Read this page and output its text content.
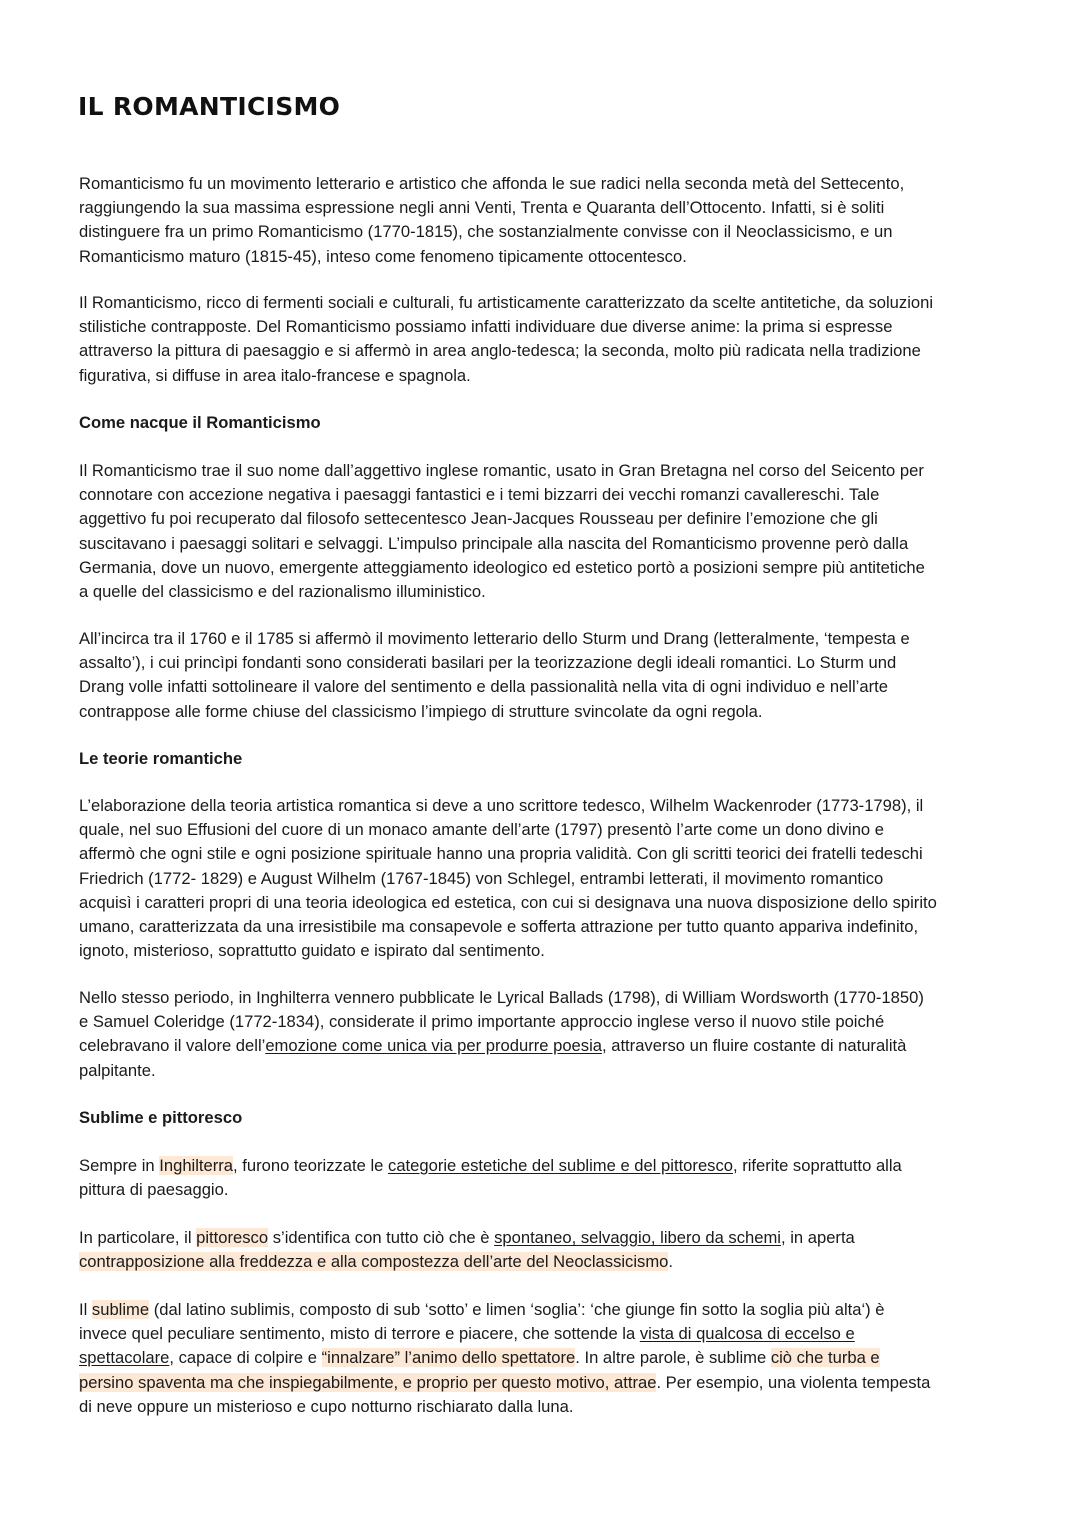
IL ROMANTICISMO

Romanticismo fu un movimento letterario e artistico che affonda le sue radici nella seconda metà del Settecento,
raggiungendo la sua massima espressione negli anni Venti, Trenta e Quaranta dell’Ottocento. Infatti, si è soliti
distinguere fra un primo Romanticismo (1770-1815), che sostanzialmente convisse con il Neoclassicismo, e un
Romanticismo maturo (1815-45), inteso come fenomeno tipicamente ottocentesco.

Il Romanticismo, ricco di fermenti sociali e culturali, fu artisticamente caratterizzato da scelte antitetiche, da soluzioni
stilistiche contrapposte. Del Romanticismo possiamo infatti individuare due diverse anime: la prima si espresse
attraverso la pittura di paesaggio e si affermò in area anglo-tedesca; la seconda, molto più radicata nella tradizione
figurativa, si diffuse in area italo-francese e spagnola.

Come nacque il Romanticismo

Il Romanticismo trae il suo nome dall’aggettivo inglese romantic, usato in Gran Bretagna nel corso del Seicento per
connotare con accezione negativa i paesaggi fantastici e i temi bizzarri dei vecchi romanzi cavallereschi. Tale
aggettivo fu poi recuperato dal filosofo settecentesco Jean-Jacques Rousseau per definire l’emozione che gli
suscitavano i paesaggi solitari e selvaggi. L’impulso principale alla nascita del Romanticismo provenne però dalla
Germania, dove un nuovo, emergente atteggiamento ideologico ed estetico portò a posizioni sempre più antitetiche
a quelle del classicismo e del razionalismo illuministico.

All’incirca tra il 1760 e il 1785 si affermò il movimento letterario dello Sturm und Drang (letteralmente, ‘tempesta e
assalto’), i cui princìpi fondanti sono considerati basilari per la teorizzazione degli ideali romantici. Lo Sturm und
Drang volle infatti sottolineare il valore del sentimento e della passionalità nella vita di ogni individuo e nell’arte
contrappose alle forme chiuse del classicismo l’impiego di strutture svincolate da ogni regola.

Le teorie romantiche

L’elaborazione della teoria artistica romantica si deve a uno scrittore tedesco, Wilhelm Wackenroder (1773-1798), il
quale, nel suo Effusioni del cuore di un monaco amante dell’arte (1797) presentò l’arte come un dono divino e
affermò che ogni stile e ogni posizione spirituale hanno una propria validità. Con gli scritti teorici dei fratelli tedeschi
Friedrich (1772- 1829) e August Wilhelm (1767-1845) von Schlegel, entrambi letterati, il movimento romantico
acquisì i caratteri propri di una teoria ideologica ed estetica, con cui si designava una nuova disposizione dello spirito
umano, caratterizzata da una irresistibile ma consapevole e sofferta attrazione per tutto quanto appariva indefinito,
ignoto, misterioso, soprattutto guidato e ispirato dal sentimento.

Nello stesso periodo, in Inghilterra vennero pubblicate le Lyrical Ballads (1798), di William Wordsworth (1770-1850)
e Samuel Coleridge (1772-1834), considerate il primo importante approccio inglese verso il nuovo stile poiché
celebravano il valore dell’emozione come unica via per produrre poesia, attraverso un fluire costante di naturalità
palpitante.

Sublime e pittoresco

Sempre in Inghilterra, furono teorizzate le categorie estetiche del sublime e del pittoresco, riferite soprattutto alla
pittura di paesaggio.

In particolare, il pittoresco s’identifica con tutto ciò che è spontaneo, selvaggio, libero da schemi, in aperta
contrapposizione alla freddezza e alla compostezza dell’arte del Neoclassicismo.

Il sublime (dal latino sublimis, composto di sub ‘sotto’ e limen ‘soglia’: ‘che giunge fin sotto la soglia più alta‘) è
invece quel peculiare sentimento, misto di terrore e piacere, che sottende la vista di qualcosa di eccelso e
spettacolare, capace di colpire e “innalzare” l’animo dello spettatore. In altre parole, è sublime ciò che turba e
persino spaventa ma che inspiegabilmente, e proprio per questo motivo, attrae. Per esempio, una violenta tempesta
di neve oppure un misterioso e cupo notturno rischiarato dalla luna.
